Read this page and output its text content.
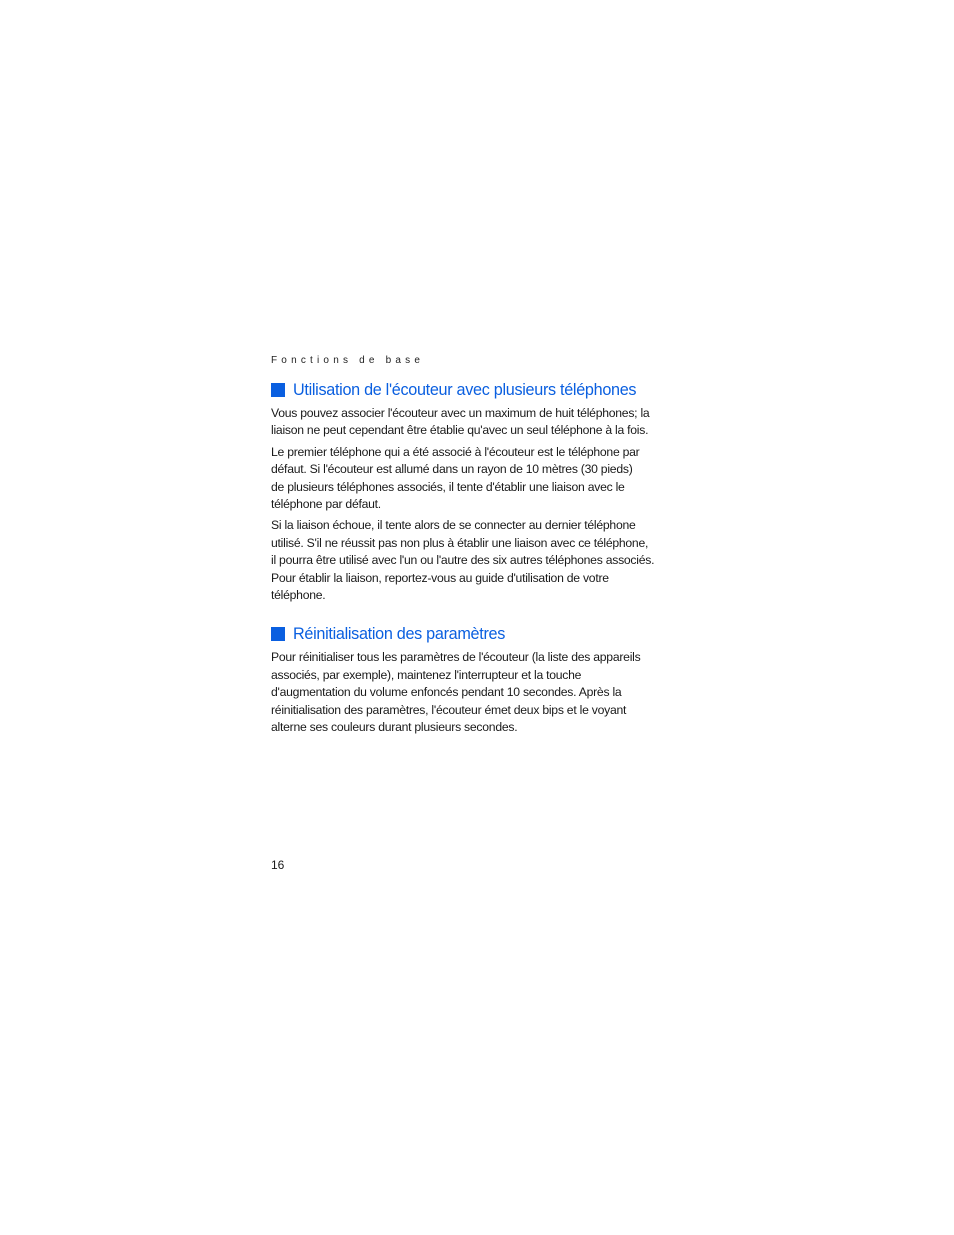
Fonctions de base
Utilisation de l'écouteur avec plusieurs téléphones

Vous pouvez associer l'écouteur avec un maximum de huit téléphones; la
liaison ne peut cependant être établie qu'avec un seul téléphone à la fois.

Le premier téléphone qui a été associé à l'écouteur est le téléphone par
défaut. Si l'écouteur est allumé dans un rayon de 10 mètres (30 pieds)
de plusieurs téléphones associés, il tente d'établir une liaison avec le
téléphone par défaut.

Si la liaison échoue, il tente alors de se connecter au dernier téléphone
utilisé. S'il ne réussit pas non plus à établir une liaison avec ce téléphone,
il pourra être utilisé avec l'un ou l'autre des six autres téléphones associés.
Pour établir la liaison, reportez-vous au guide d'utilisation de votre
téléphone.

Réinitialisation des paramètres

Pour réinitialiser tous les paramètres de l'écouteur (la liste des appareils
associés, par exemple), maintenez l'interrupteur et la touche
d'augmentation du volume enfoncés pendant 10 secondes. Après la
réinitialisation des paramètres, l'écouteur émet deux bips et le voyant
alterne ses couleurs durant plusieurs secondes.

16
